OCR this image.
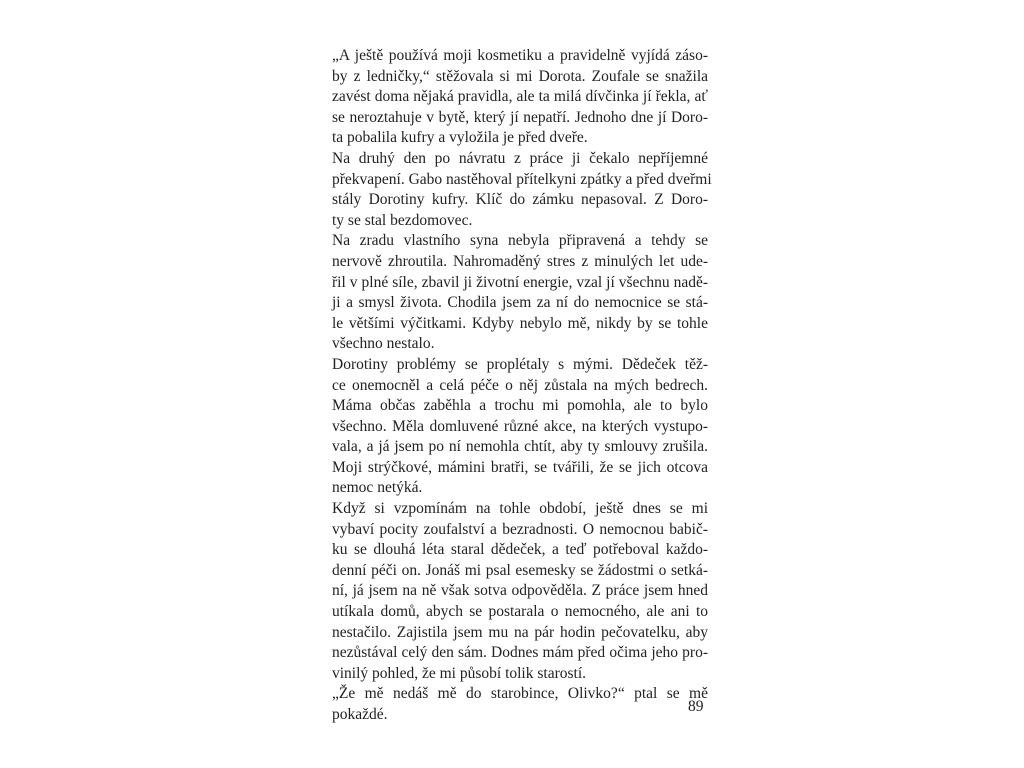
„A ještě používá moji kosmetiku a pravidelně vyjídá záso-
by z ledničky,“ stěžovala si mi Dorota. Zoufale se snažila
zavést doma nějaká pravidla, ale ta milá dívčinka jí řekla, ať
se neroztahuje v bytě, který jí nepatří. Jednoho dne jí Doro-
ta pobalila kufry a vyložila je před dveře.
Na druhý den po návratu z práce ji čekalo nepříjemné
překvapení. Gabo nastěhoval přítelkyni zpátky a před dveřmi
stály Dorotiny kufry. Klíč do zámku nepasoval. Z Doro-
ty se stal bezdomovec.
Na zradu vlastního syna nebyla připravená a tehdy se
nervově zhroutila. Nahromaděný stres z minulých let ude-
řil v plné síle, zbavil ji životní energie, vzal jí všechnu nadě-
ji a smysl života. Chodila jsem za ní do nemocnice se stá-
le většími výčitkami. Kdyby nebylo mě, nikdy by se tohle
všechno nestalo.
Dorotiny problémy se proplétaly s mými. Dědeček těž-
ce onemocněl a celá péče o něj zůstala na mých bedrech.
Máma občas zaběhla a trochu mi pomohla, ale to bylo
všechno. Měla domluvené různé akce, na kterých vystupo-
vala, a já jsem po ní nemohla chtít, aby ty smlouvy zrušila.
Moji strýčkové, mámini bratři, se tvářili, že se jich otcova
nemoc netýká.
Když si vzpomínám na tohle období, ještě dnes se mi
vybaví pocity zoufalství a bezradnosti. O nemocnou babič-
ku se dlouhá léta staral dědeček, a teď potřeboval každo-
denní péči on. Jonáš mi psal esemesky se žádostmi o setká-
ní, já jsem na ně však sotva odpověděla. Z práce jsem hned
utíkala domů, abych se postarala o nemocného, ale ani to
nestačilo. Zajistila jsem mu na pár hodin pečovatelku, aby
nezůstával celý den sám. Dodnes mám před očima jeho pro-
vinilý pohled, že mi působí tolik starostí.
„Že mě nedáš mě do starobince, Olivko?“ ptal se mě
pokaždé.	89
